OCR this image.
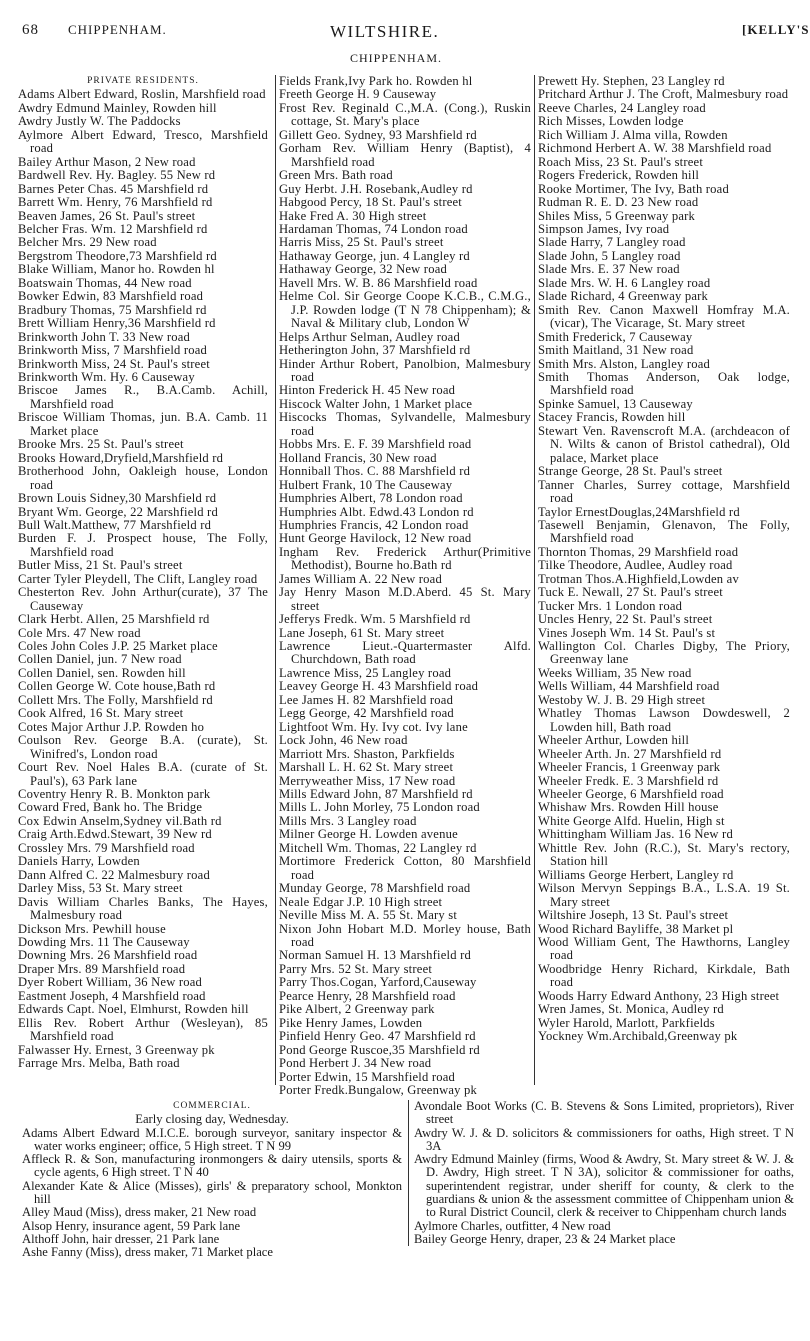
68 CHIPPENHAM.	WILTSHIRE.	[KELLY'S
CHIPPENHAM.
PRIVATE RESIDENTS.
Adams Albert Edward, Roslin, Marshfield road
Awdry Edmund Mainley, Rowden hill
Awdry Justly W. The Paddocks
Aylmore Albert Edward, Tresco, Marshfield road
Bailey Arthur Mason, 2 New road
Bardwell Rev. Hy. Bagley. 55 New rd
Barnes Peter Chas. 45 Marshfield rd
Barrett Wm. Henry, 76 Marshfield rd
Beaven James, 26 St. Paul's street
Belcher Fras. Wm. 12 Marshfield rd
Belcher Mrs. 29 New road
Bergstrom Theodore,73 Marshfield rd
Blake William, Manor ho. Rowden hl
Boatswain Thomas, 44 New road
Bowker Edwin, 83 Marshfield road
Bradbury Thomas, 75 Marshfield rd
Brett William Henry,36 Marshfield rd
Brinkworth John T. 33 New road
Brinkworth Miss, 7 Marshfield road
Brinkworth Miss, 24 St. Paul's street
Brinkworth Wm. Hy. 6 Causeway
Briscoe James R., B.A.Camb. Achill, Marshfield road
Briscoe William Thomas, jun. B.A. Camb. 11 Market place
Brooke Mrs. 25 St. Paul's street
Brooks Howard,Dryfield,Marshfield rd
Brotherhood John, Oakleigh house, London road
Brown Louis Sidney,30 Marshfield rd
Bryant Wm. George, 22 Marshfield rd
Bull Walt.Matthew, 77 Marshfield rd
Burden F. J. Prospect house, The Folly, Marshfield road
Butler Miss, 21 St. Paul's street
Carter Tyler Pleydell, The Clift, Langley road
Chesterton Rev. John Arthur(curate), 37 The Causeway
Clark Herbt. Allen, 25 Marshfield rd
Cole Mrs. 47 New road
Coles John Coles J.P. 25 Market place
Collen Daniel, jun. 7 New road
Collen Daniel, sen. Rowden hill
Collen George W. Cote house,Bath rd
Collett Mrs. The Folly, Marshfield rd
Cook Alfred, 16 St. Mary street
Cotes Major Arthur J.P. Rowden ho
Coulson Rev. George B.A. (curate), St. Winifred's, London road
Court Rev. Noel Hales B.A. (curate of St. Paul's), 63 Park lane
Coventry Henry R. B. Monkton park
Coward Fred, Bank ho. The Bridge
Cox Edwin Anselm,Sydney vil.Bath rd
Craig Arth.Edwd.Stewart, 39 New rd
Crossley Mrs. 79 Marshfield road
Daniels Harry, Lowden
Dann Alfred C. 22 Malmesbury road
Darley Miss, 53 St. Mary street
Davis William Charles Banks, The Hayes, Malmesbury road
Dickson Mrs. Pewhill house
Dowding Mrs. 11 The Causeway
Downing Mrs. 26 Marshfield road
Draper Mrs. 89 Marshfield road
Dyer Robert William, 36 New road
Eastment Joseph, 4 Marshfield road
Edwards Capt. Noel, Elmhurst, Rowden hill
Ellis Rev. Robert Arthur (Wesleyan), 85 Marshfield road
Falwasser Hy. Ernest, 3 Greenway pk
Farrage Mrs. Melba, Bath road
Fields Frank,Ivy Park ho. Rowden hl
Freeth George H. 9 Causeway
Frost Rev. Reginald C.,M.A. (Cong.), Ruskin cottage, St. Mary's place
Gillett Geo. Sydney, 93 Marshfield rd
Gorham Rev. William Henry (Baptist), 4 Marshfield road
Green Mrs. Bath road
Guy Herbt. J.H. Rosebank,Audley rd
Habgood Percy, 18 St. Paul's street
Hake Fred A. 30 High street
Hardaman Thomas, 74 London road
Harris Miss, 25 St. Paul's street
Hathaway George, jun. 4 Langley rd
Hathaway George, 32 New road
Havell Mrs. W. B. 86 Marshfield road
Helme Col. Sir George Coope K.C.B., C.M.G., J.P. Rowden lodge (T N 78 Chippenham); & Naval & Military club, London W
Helps Arthur Selman, Audley road
Hetherington John, 37 Marshfield rd
Hinder Arthur Robert, Panolbion, Malmesbury road
Hinton Frederick H. 45 New road
Hiscock Walter John, 1 Market place
Hiscocks Thomas, Sylvandelle, Malmesbury road
Hobbs Mrs. E. F. 39 Marshfield road
Holland Francis, 30 New road
Honniball Thos. C. 88 Marshfield rd
Hulbert Frank, 10 The Causeway
Humphries Albert, 78 London road
Humphries Albt. Edwd.43 London rd
Humphries Francis, 42 London road
Hunt George Havilock, 12 New road
Ingham Rev. Frederick Arthur(Primitive Methodist), Bourne ho.Bath rd
James William A. 22 New road
Jay Henry Mason M.D.Aberd. 45 St. Mary street
Jefferys Fredk. Wm. 5 Marshfield rd
Lane Joseph, 61 St. Mary street
Lawrence Lieut.-Quartermaster Alfd. Churchdown, Bath road
Lawrence Miss, 25 Langley road
Leavey George H. 43 Marshfield road
Lee James H. 82 Marshfield road
Legg George, 42 Marshfield road
Lightfoot Wm. Hy. Ivy cot. Ivy lane
Lock John, 46 New road
Marriott Mrs. Shaston, Parkfields
Marshall L. H. 62 St. Mary street
Merryweather Miss, 17 New road
Mills Edward John, 87 Marshfield rd
Mills L. John Morley, 75 London road
Mills Mrs. 3 Langley road
Milner George H. Lowden avenue
Mitchell Wm. Thomas, 22 Langley rd
Mortimore Frederick Cotton, 80 Marshfield road
Munday George, 78 Marshfield road
Neale Edgar J.P. 10 High street
Neville Miss M. A. 55 St. Mary st
Nixon John Hobart M.D. Morley house, Bath road
Norman Samuel H. 13 Marshfield rd
Parry Mrs. 52 St. Mary street
Parry Thos.Cogan, Yarford,Causeway
Pearce Henry, 28 Marshfield road
Pike Albert, 2 Greenway park
Pike Henry James, Lowden
Pinfield Henry Geo. 47 Marshfield rd
Pond George Ruscoe,35 Marshfield rd
Pond Herbert J. 34 New road
Porter Edwin, 15 Marshfield road
Porter Fredk.Bungalow, Greenway pk
Prewett Hy. Stephen, 23 Langley rd
Pritchard Arthur J. The Croft, Malmesbury road
Reeve Charles, 24 Langley road
Rich Misses, Lowden lodge
Rich William J. Alma villa, Rowden
Richmond Herbert A. W. 38 Marshfield road
Roach Miss, 23 St. Paul's street
Rogers Frederick, Rowden hill
Rooke Mortimer, The Ivy, Bath road
Rudman R. E. D. 23 New road
Shiles Miss, 5 Greenway park
Simpson James, Ivy road
Slade Harry, 7 Langley road
Slade John, 5 Langley road
Slade Mrs. E. 37 New road
Slade Mrs. W. H. 6 Langley road
Slade Richard, 4 Greenway park
Smith Rev. Canon Maxwell Homfray M.A. (vicar), The Vicarage, St. Mary street
Smith Frederick, 7 Causeway
Smith Maitland, 31 New road
Smith Mrs. Alston, Langley road
Smith Thomas Anderson, Oak lodge, Marshfield road
Spinke Samuel, 13 Causeway
Stacey Francis, Rowden hill
Stewart Ven. Ravenscroft M.A. (archdeacon of N. Wilts & canon of Bristol cathedral), Old palace, Market place
Strange George, 28 St. Paul's street
Tanner Charles, Surrey cottage, Marshfield road
Taylor ErnestDouglas,24Marshfield rd
Tasewell Benjamin, Glenavon, The Folly, Marshfield road
Thornton Thomas, 29 Marshfield road
Tilke Theodore, Audlee, Audley road
Trotman Thos.A.Highfield,Lowden av
Tuck E. Newall, 27 St. Paul's street
Tucker Mrs. 1 London road
Uncles Henry, 22 St. Paul's street
Vines Joseph Wm. 14 St. Paul's st
Wallington Col. Charles Digby, The Priory, Greenway lane
Weeks William, 35 New road
Wells William, 44 Marshfield road
Westoby W. J. B. 29 High street
Whatley Thomas Lawson Dowdeswell, 2 Lowden hill, Bath road
Wheeler Arthur, Lowden hill
Wheeler Arth. Jn. 27 Marshfield rd
Wheeler Francis, 1 Greenway park
Wheeler Fredk. E. 3 Marshfield rd
Wheeler George, 6 Marshfield road
Whishaw Mrs. Rowden Hill house
White George Alfd. Huelin, High st
Whittingham William Jas. 16 New rd
Whittle Rev. John (R.C.), St. Mary's rectory, Station hill
Williams George Herbert, Langley rd
Wilson Mervyn Seppings B.A., L.S.A. 19 St. Mary street
Wiltshire Joseph, 13 St. Paul's street
Wood Richard Bayliffe, 38 Market pl
Wood William Gent, The Hawthorns, Langley road
Woodbridge Henry Richard, Kirkdale, Bath road
Woods Harry Edward Anthony, 23 High street
Wren James, St. Monica, Audley rd
Wyler Harold, Marlott, Parkfields
Yockney Wm.Archibald,Greenway pk
COMMERCIAL.
Early closing day, Wednesday.
Adams Albert Edward M.I.C.E. borough surveyor, sanitary inspector & water works engineer; office, 5 High street. T N 99
Affleck R. & Son, manufacturing ironmongers & dairy utensils, sports & cycle agents, 6 High street. T N 40
Alexander Kate & Alice (Misses), girls' & preparatory school, Monkton hill
Alley Maud (Miss), dress maker, 21 New road
Alsop Henry, insurance agent, 59 Park lane
Althoff John, hair dresser, 21 Park lane
Ashe Fanny (Miss), dress maker, 71 Market place
Avondale Boot Works (C. B. Stevens & Sons Limited, proprietors), River street
Awdry W. J. & D. solicitors & commissioners for oaths, High street. T N 3A
Awdry Edmund Mainley (firms, Wood & Awdry, St. Mary street & W. J. & D. Awdry, High street. T N 3A), solicitor & commissioner for oaths, superintendent registrar, under sheriff for county, & clerk to the guardians & union & the assessment committee of Chippenham union & to Rural District Council, clerk & receiver to Chippenham church lands
Aylmore Charles, outfitter, 4 New road
Bailey George Henry, draper, 23 & 24 Market place
